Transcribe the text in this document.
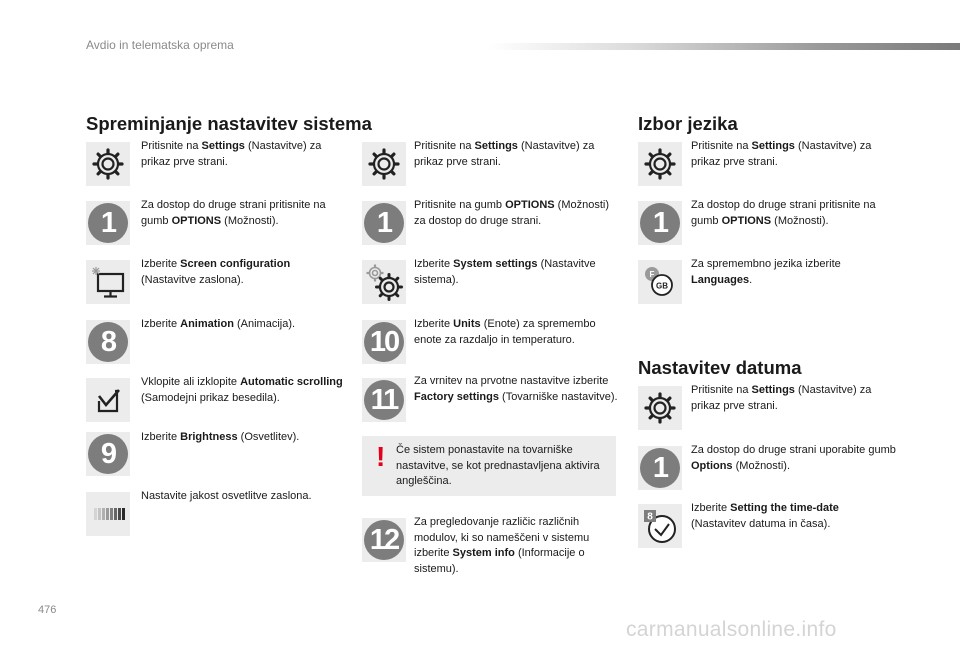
Avdio in telematska oprema
Spreminjanje nastavitev sistema	Izbor jezika
Nastavitev datuma
Pritisnite na Settings (Nastavitve) za prikaz prve strani.
1
Za dostop do druge strani pritisnite na gumb OPTIONS (Možnosti).
Izberite Screen configuration (Nastavitve zaslona).
8
Izberite Animation (Animacija).
Vklopite ali izklopite Automatic scrolling (Samodejni prikaz besedila).
9
Izberite Brightness (Osvetlitev).
Nastavite jakost osvetlitve zaslona.
Pritisnite na Settings (Nastavitve) za prikaz prve strani.
1
Pritisnite na gumb OPTIONS (Možnosti) za dostop do druge strani.
Izberite System settings (Nastavitve sistema).
10
Izberite Units (Enote) za spremembo enote za razdaljo in temperaturo.
11
Za vrnitev na prvotne nastavitve izberite Factory settings (Tovarniške nastavitve).
! Če sistem ponastavite na tovarniške nastavitve, se kot prednastavljena aktivira angleščina.
12
Za pregledovanje različic različnih modulov, ki so nameščeni v sistemu izberite System info (Informacije o sistemu).
Pritisnite na Settings (Nastavitve) za prikaz prve strani.
1
Za dostop do druge strani pritisnite na gumb OPTIONS (Možnosti).
F
GB
Za spremembno jezika izberite Languages.
Pritisnite na Settings (Nastavitve) za prikaz prve strani.
1
Za dostop do druge strani uporabite gumb Options (Možnosti).
8
Izberite Setting the time-date (Nastavitev datuma in časa).
476
carmanualsonline.info
